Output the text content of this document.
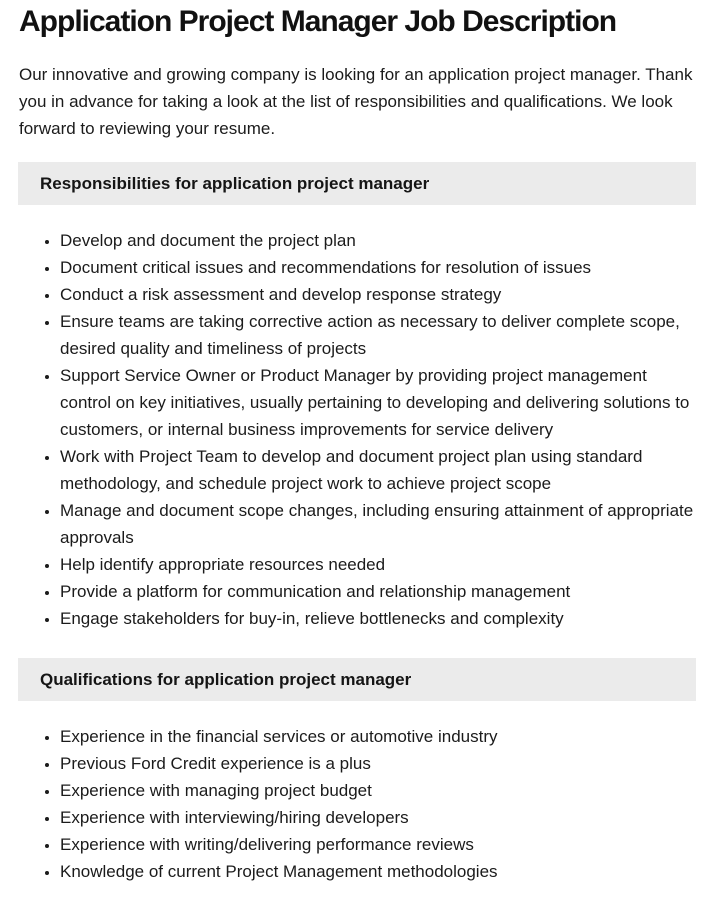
Application Project Manager Job Description

Our innovative and growing company is looking for an application project manager. Thank you in advance for taking a look at the list of responsibilities and qualifications. We look forward to reviewing your resume.

Responsibilities for application project manager
• Develop and document the project plan
• Document critical issues and recommendations for resolution of issues
• Conduct a risk assessment and develop response strategy
• Ensure teams are taking corrective action as necessary to deliver complete scope, desired quality and timeliness of projects
• Support Service Owner or Product Manager by providing project management control on key initiatives, usually pertaining to developing and delivering solutions to customers, or internal business improvements for service delivery
• Work with Project Team to develop and document project plan using standard methodology, and schedule project work to achieve project scope
• Manage and document scope changes, including ensuring attainment of appropriate approvals
• Help identify appropriate resources needed
• Provide a platform for communication and relationship management
• Engage stakeholders for buy-in, relieve bottlenecks and complexity
Qualifications for application project manager
• Experience in the financial services or automotive industry
• Previous Ford Credit experience is a plus
• Experience with managing project budget
• Experience with interviewing/hiring developers
• Experience with writing/delivering performance reviews
• Knowledge of current Project Management methodologies
